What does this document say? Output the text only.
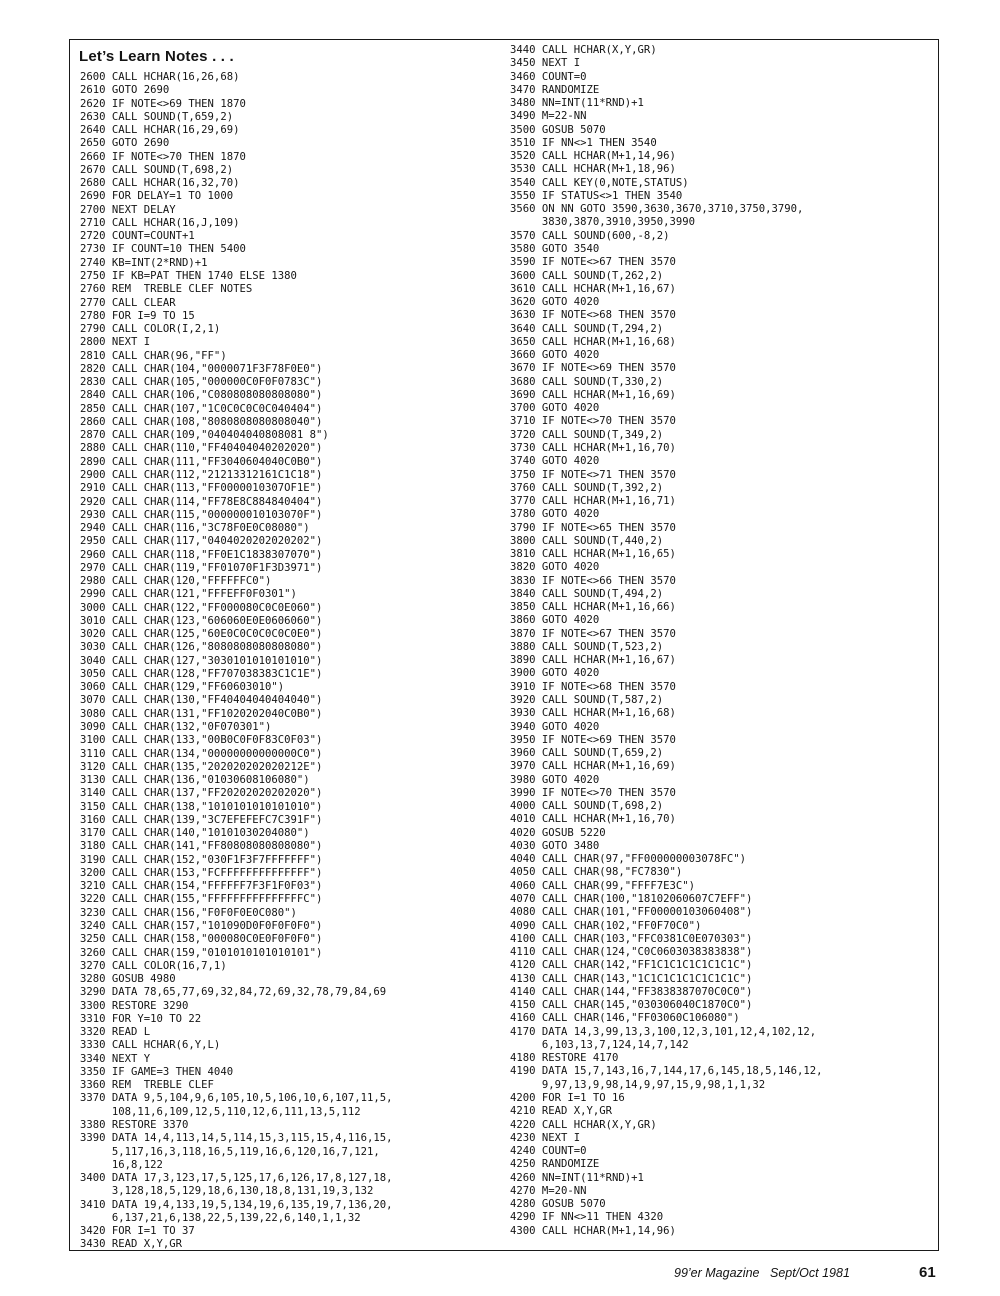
Let’s Learn Notes . . .
2600 CALL HCHAR(16,26,68)
2610 GOTO 2690
2620 IF NOTE<>69 THEN 1870
2630 CALL SOUND(T,659,2)
2640 CALL HCHAR(16,29,69)
2650 GOTO 2690
2660 IF NOTE<>70 THEN 1870
2670 CALL SOUND(T,698,2)
2680 CALL HCHAR(16,32,70)
2690 FOR DELAY=1 TO 1000
2700 NEXT DELAY
2710 CALL HCHAR(16,J,109)
2720 COUNT=COUNT+1
2730 IF COUNT=10 THEN 5400
2740 KB=INT(2*RND)+1
2750 IF KB=PAT THEN 1740 ELSE 1380
2760 REM  TREBLE CLEF NOTES
2770 CALL CLEAR
2780 FOR I=9 TO 15
2790 CALL COLOR(I,2,1)
2800 NEXT I
2810 CALL CHAR(96,"FF")
2820 CALL CHAR(104,"0000071F3F78F0E0")
2830 CALL CHAR(105,"000000C0F0F0783C")
2840 CALL CHAR(106,"C080808080808080")
2850 CALL CHAR(107,"1C0C0C0C0C040404")
2860 CALL CHAR(108,"8080808080808040")
2870 CALL CHAR(109,"040404040808081 8")
2880 CALL CHAR(110,"FF40404040202020")
2890 CALL CHAR(111,"FF3040604040C0B0")
2900 CALL CHAR(112,"21213312161C1C18")
2910 CALL CHAR(113,"FF0000010307OF1E")
2920 CALL CHAR(114,"FF78E8C884840404")
2930 CALL CHAR(115,"000000010103070F")
2940 CALL CHAR(116,"3C78F0E0C08080")
2950 CALL CHAR(117,"0404020202020202")
2960 CALL CHAR(118,"FF0E1C1838307070")
2970 CALL CHAR(119,"FF01070F1F3D3971")
2980 CALL CHAR(120,"FFFFFFC0")
2990 CALL CHAR(121,"FFFEFF0F0301")
3000 CALL CHAR(122,"FF000080C0C0E060")
3010 CALL CHAR(123,"606060E0E0606060")
3020 CALL CHAR(125,"60E0C0C0C0C0C0E0")
3030 CALL CHAR(126,"8080808080808080")
3040 CALL CHAR(127,"3030101010101010")
3050 CALL CHAR(128,"FF707038383C1C1E")
3060 CALL CHAR(129,"FF60603010")
3070 CALL CHAR(130,"FF40404040404040")
3080 CALL CHAR(131,"FF1020202040C0B0")
3090 CALL CHAR(132,"0F070301")
3100 CALL CHAR(133,"00B0C0F0F83C0F03")
3110 CALL CHAR(134,"00000000000000C0")
3120 CALL CHAR(135,"202020202020212E")
3130 CALL CHAR(136,"01030608106080")
3140 CALL CHAR(137,"FF20202020202020")
3150 CALL CHAR(138,"1010101010101010")
3160 CALL CHAR(139,"3C7EFEFEFC7C391F")
3170 CALL CHAR(140,"10101030204080")
3180 CALL CHAR(141,"FF80808080808080")
3190 CALL CHAR(152,"030F1F3F7FFFFFFF")
3200 CALL CHAR(153,"FCFFFFFFFFFFFFFF")
3210 CALL CHAR(154,"FFFFFF7F3F1F0F03")
3220 CALL CHAR(155,"FFFFFFFFFFFFFFFC")
3230 CALL CHAR(156,"F0F0F0E0C080")
3240 CALL CHAR(157,"101090D0F0F0F0F0")
3250 CALL CHAR(158,"000080C0E0F0F0F0")
3260 CALL CHAR(159,"0101010101010101")
3270 CALL COLOR(16,7,1)
3280 GOSUB 4980
3290 DATA 78,65,77,69,32,84,72,69,32,78,79,84,69
3300 RESTORE 3290
3310 FOR Y=10 TO 22
3320 READ L
3330 CALL HCHAR(6,Y,L)
3340 NEXT Y
3350 IF GAME=3 THEN 4040
3360 REM  TREBLE CLEF
3370 DATA 9,5,104,9,6,105,10,5,106,10,6,107,11,5,
108,11,6,109,12,5,110,12,6,111,13,5,112
3380 RESTORE 3370
3390 DATA 14,4,113,14,5,114,15,3,115,15,4,116,15,
5,117,16,3,118,16,5,119,16,6,120,16,7,121,
16,8,122
3400 DATA 17,3,123,17,5,125,17,6,126,17,8,127,18,
3,128,18,5,129,18,6,130,18,8,131,19,3,132
3410 DATA 19,4,133,19,5,134,19,6,135,19,7,136,20,
6,137,21,6,138,22,5,139,22,6,140,1,1,32
3420 FOR I=1 TO 37
3430 READ X,Y,GR
3440 CALL HCHAR(X,Y,GR)
3450 NEXT I
3460 COUNT=0
3470 RANDOMIZE
3480 NN=INT(11*RND)+1
3490 M=22-NN
3500 GOSUB 5070
3510 IF NN<>1 THEN 3540
3520 CALL HCHAR(M+1,14,96)
3530 CALL HCHAR(M+1,18,96)
3540 CALL KEY(0,NOTE,STATUS)
3550 IF STATUS<>1 THEN 3540
3560 ON NN GOTO 3590,3630,3670,3710,3750,3790,
3830,3870,3910,3950,3990
3570 CALL SOUND(600,-8,2)
3580 GOTO 3540
3590 IF NOTE<>67 THEN 3570
3600 CALL SOUND(T,262,2)
3610 CALL HCHAR(M+1,16,67)
3620 GOTO 4020
3630 IF NOTE<>68 THEN 3570
3640 CALL SOUND(T,294,2)
3650 CALL HCHAR(M+1,16,68)
3660 GOTO 4020
3670 IF NOTE<>69 THEN 3570
3680 CALL SOUND(T,330,2)
3690 CALL HCHAR(M+1,16,69)
3700 GOTO 4020
3710 IF NOTE<>70 THEN 3570
3720 CALL SOUND(T,349,2)
3730 CALL HCHAR(M+1,16,70)
3740 GOTO 4020
3750 IF NOTE<>71 THEN 3570
3760 CALL SOUND(T,392,2)
3770 CALL HCHAR(M+1,16,71)
3780 GOTO 4020
3790 IF NOTE<>65 THEN 3570
3800 CALL SOUND(T,440,2)
3810 CALL HCHAR(M+1,16,65)
3820 GOTO 4020
3830 IF NOTE<>66 THEN 3570
3840 CALL SOUND(T,494,2)
3850 CALL HCHAR(M+1,16,66)
3860 GOTO 4020
3870 IF NOTE<>67 THEN 3570
3880 CALL SOUND(T,523,2)
3890 CALL HCHAR(M+1,16,67)
3900 GOTO 4020
3910 IF NOTE<>68 THEN 3570
3920 CALL SOUND(T,587,2)
3930 CALL HCHAR(M+1,16,68)
3940 GOTO 4020
3950 IF NOTE<>69 THEN 3570
3960 CALL SOUND(T,659,2)
3970 CALL HCHAR(M+1,16,69)
3980 GOTO 4020
3990 IF NOTE<>70 THEN 3570
4000 CALL SOUND(T,698,2)
4010 CALL HCHAR(M+1,16,70)
4020 GOSUB 5220
4030 GOTO 3480
4040 CALL CHAR(97,"FF000000003078FC")
4050 CALL CHAR(98,"FC7830")
4060 CALL CHAR(99,"FFFF7E3C")
4070 CALL CHAR(100,"18102060607C7EFF")
4080 CALL CHAR(101,"FF00000103060408")
4090 CALL CHAR(102,"FF0F70C0")
4100 CALL CHAR(103,"FFC0381C0E070303")
4110 CALL CHAR(124,"C0C0603038383838")
4120 CALL CHAR(142,"FF1C1C1C1C1C1C1C")
4130 CALL CHAR(143,"1C1C1C1C1C1C1C1C")
4140 CALL CHAR(144,"FF3838387070C0C0")
4150 CALL CHAR(145,"030306040C1870C0")
4160 CALL CHAR(146,"FF03060C106080")
4170 DATA 14,3,99,13,3,100,12,3,101,12,4,102,12,
6,103,13,7,124,14,7,142
4180 RESTORE 4170
4190 DATA 15,7,143,16,7,144,17,6,145,18,5,146,12,
9,97,13,9,98,14,9,97,15,9,98,1,1,32
4200 FOR I=1 TO 16
4210 READ X,Y,GR
4220 CALL HCHAR(X,Y,GR)
4230 NEXT I
4240 COUNT=0
4250 RANDOMIZE
4260 NN=INT(11*RND)+1
4270 M=20-NN
4280 GOSUB 5070
4290 IF NN<>11 THEN 4320
4300 CALL HCHAR(M+1,14,96)
99’er Magazine Sept/Oct 1981	61
